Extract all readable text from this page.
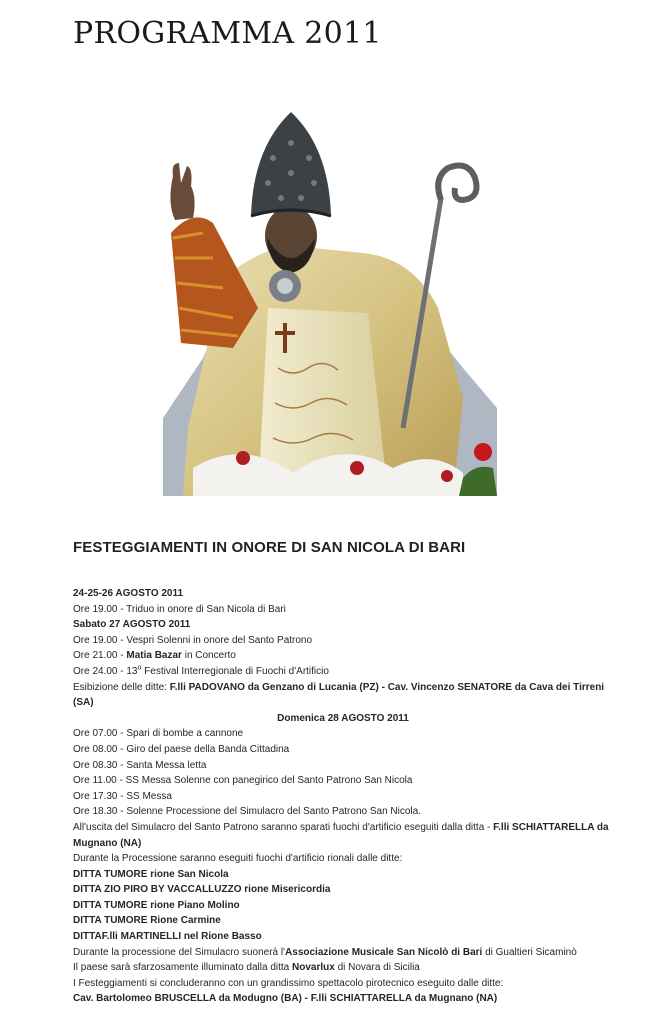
PROGRAMMA 2011
FESTEGGIAMENTI IN ONORE DI SAN NICOLA DI BARI
24-25-26 AGOSTO 2011
Ore 19.00 - Triduo in onore di San Nicola di Bari
Sabato 27 AGOSTO 2011
Ore 19.00 - Vespri Solenni in onore del Santo Patrono
Ore 21.00 - Matia Bazar in Concerto
Ore 24.00 - 13$^o$ Festival Interregionale di Fuochi d'Artificio
Esibizione delle ditte: F.lli PADOVANO da Genzano di Lucania (PZ) - Cav. Vincenzo SENATORE da Cava dei Tirreni (SA)
Domenica 28 AGOSTO 2011
Ore 07.00 - Spari di bombe a cannone
Ore 08.00 - Giro del paese della Banda Cittadina
Ore 08.30 - Santa Messa letta
Ore 11.00 - SS Messa Solenne con panegirico del Santo Patrono San Nicola
Ore 17.30 - SS Messa
Ore 18.30 - Solenne Processione del Simulacro del Santo Patrono San Nicola.
All'uscita del Simulacro del Santo Patrono saranno sparati fuochi d'artificio eseguiti dalla ditta - F.lli SCHIATTARELLA da Mugnano (NA)
Durante la Processione saranno eseguiti fuochi d'artificio rionali dalle ditte:
DITTA TUMORE rione San Nicola
DITTA ZIO PIRO BY VACCALLUZZO rione Misericordia
DITTA TUMORE rione Piano Molino
DITTA TUMORE Rione Carmine
DITTAF.lli MARTINELLI nel Rione Basso
Durante la processione del Simulacro suonerà l'Associazione Musicale San Nicolò di Bari di Gualtieri Sicaminò
Il paese sarà sfarzosamente illuminato dalla ditta Novarlux di Novara di Sicilia
I Festeggiamenti si concluderanno con un grandissimo spettacolo pirotecnico eseguito dalle ditte:
Cav. Bartolomeo BRUSCELLA da Modugno (BA) - F.lli SCHIATTARELLA da Mugnano (NA)
